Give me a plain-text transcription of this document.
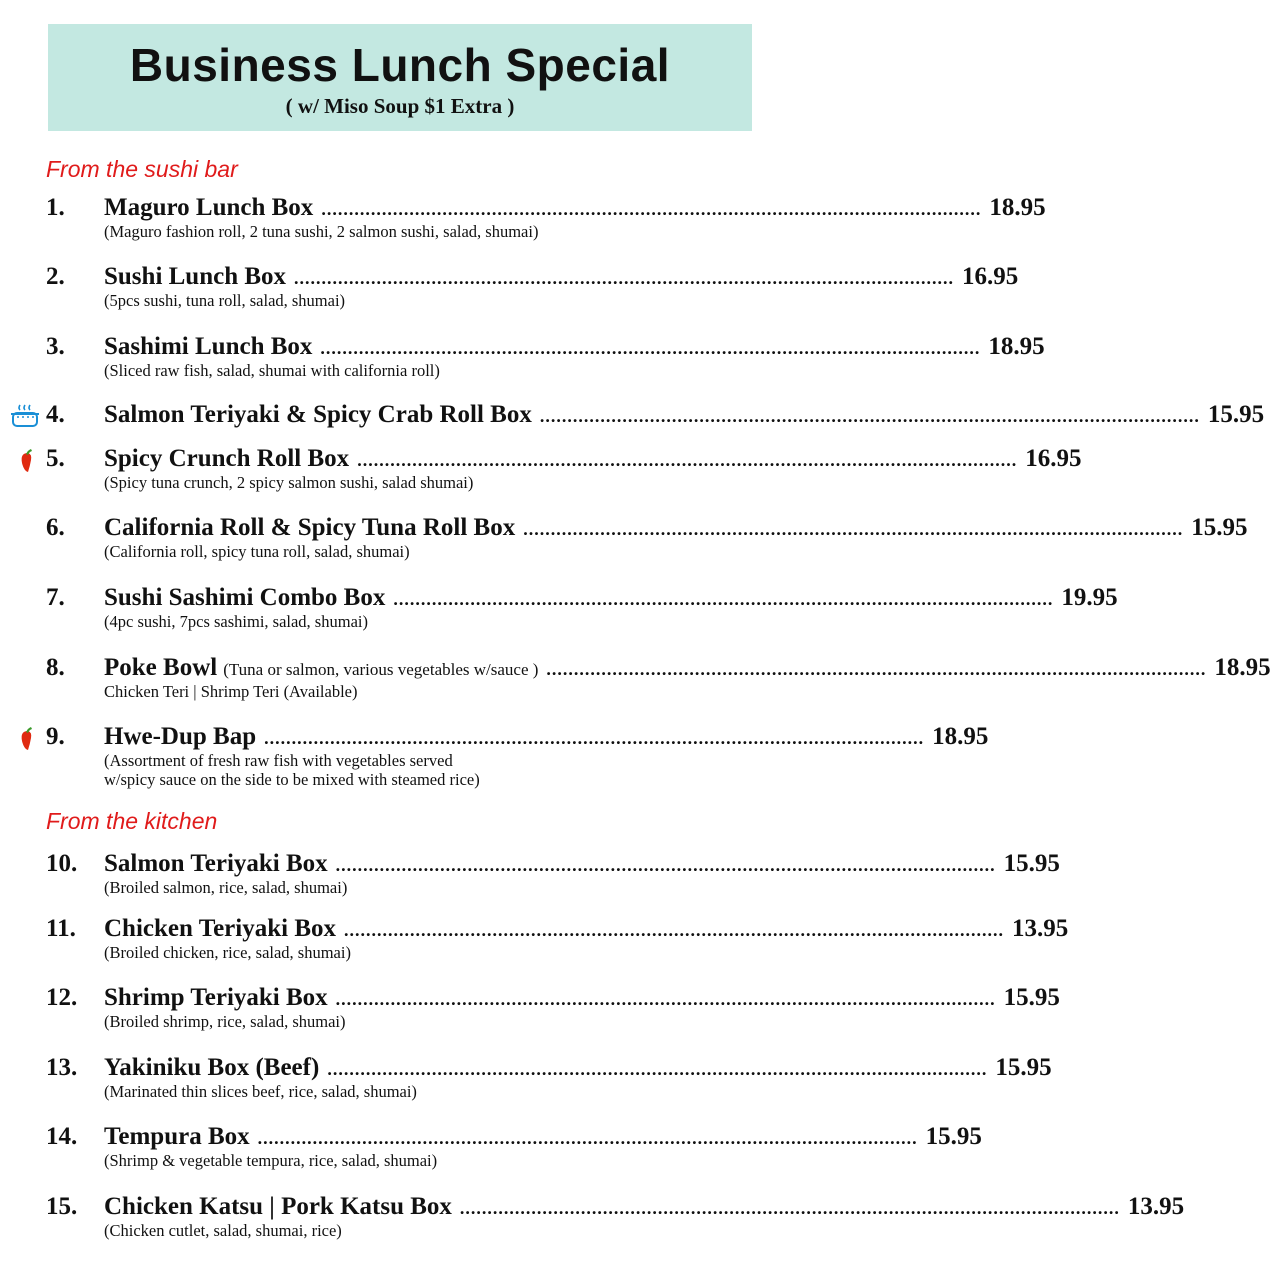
Business Lunch Special
( w/ Miso Soup $1 Extra )
From the sushi bar
From the kitchen
1. Maguro Lunch Box ........................................................................................................................ 18.95
(Maguro fashion roll, 2 tuna sushi, 2 salmon sushi, salad, shumai)
2. Sushi Lunch Box ........................................................................................................................ 16.95
(5pcs sushi, tuna roll, salad, shumai)
3. Sashimi Lunch Box ........................................................................................................................ 18.95
(Sliced raw fish, salad, shumai with california roll)
4. Salmon Teriyaki & Spicy Crab Roll Box ........................................................................................................................ 15.95
5. Spicy Crunch Roll Box ........................................................................................................................ 16.95
(Spicy tuna crunch, 2 spicy salmon sushi, salad shumai)
6. California Roll & Spicy Tuna Roll Box ........................................................................................................................ 15.95
(California roll, spicy tuna roll, salad, shumai)
7. Sushi Sashimi Combo Box ........................................................................................................................ 19.95
(4pc sushi, 7pcs sashimi, salad, shumai)
8. Poke Bowl (Tuna or salmon, various vegetables w/sauce ) ........................................................................................................................ 18.95
Chicken Teri | Shrimp Teri (Available)
9. Hwe-Dup Bap ........................................................................................................................ 18.95
(Assortment of fresh raw fish with vegetables served
w/spicy sauce on the side to be mixed with steamed rice)
10. Salmon Teriyaki Box ........................................................................................................................ 15.95
(Broiled salmon, rice, salad, shumai)
11. Chicken Teriyaki Box ........................................................................................................................ 13.95
(Broiled chicken, rice, salad, shumai)
12. Shrimp Teriyaki Box ........................................................................................................................ 15.95
(Broiled shrimp, rice, salad, shumai)
13. Yakiniku Box (Beef) ........................................................................................................................ 15.95
(Marinated thin slices beef, rice, salad, shumai)
14. Tempura Box ........................................................................................................................ 15.95
(Shrimp & vegetable tempura, rice, salad, shumai)
15. Chicken Katsu | Pork Katsu Box ........................................................................................................................ 13.95
(Chicken cutlet, salad, shumai, rice)
